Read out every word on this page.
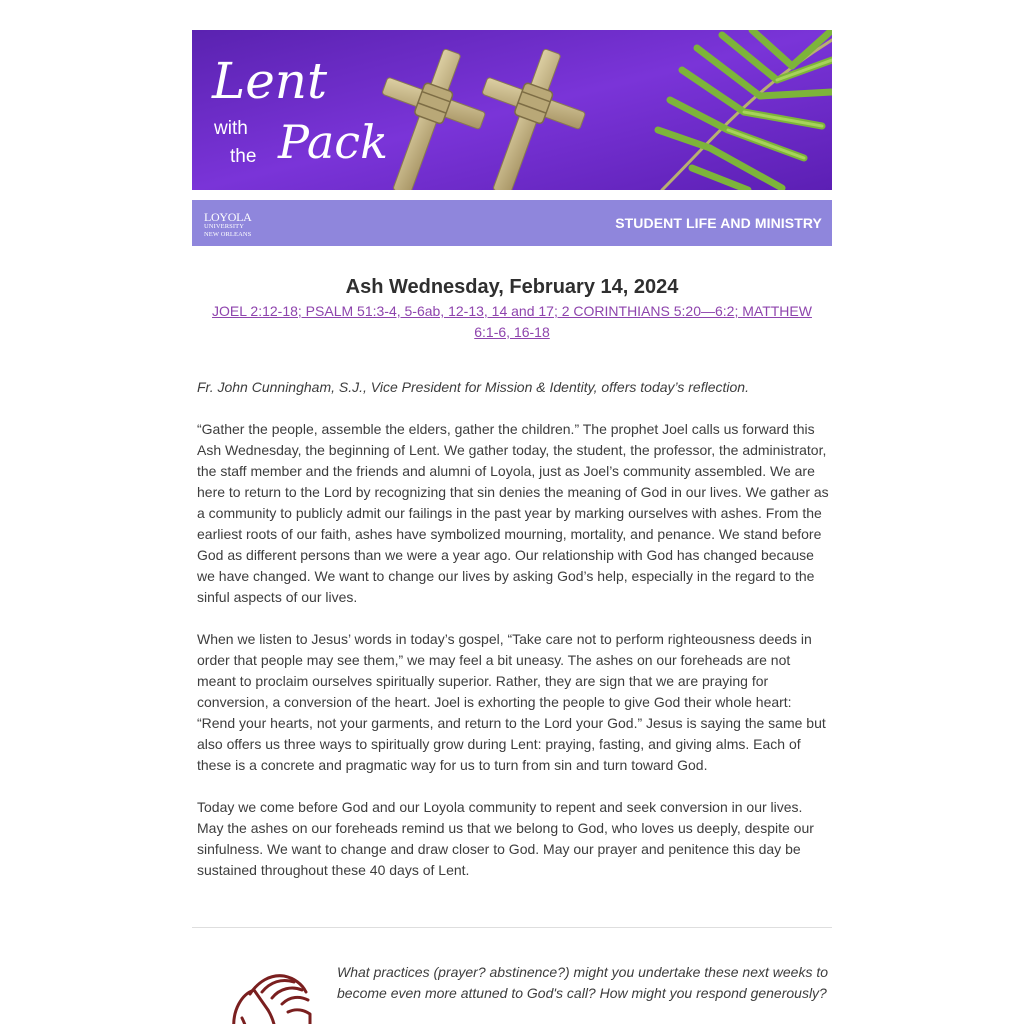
Lent
with
the Pack
LOYOLA
UNIVERSITY
NEW ORLEANS
STUDENT LIFE AND MINISTRY
Ash Wednesday, February 14, 2024
JOEL 2:12-18; PSALM 51:3-4, 5-6ab, 12-13, 14 and 17; 2 CORINTHIANS 5:20—6:2; MATTHEW
6:1-6, 16-18

Fr. John Cunningham, S.J., Vice President for Mission & Identity, offers today’s reflection.

“Gather the people, assemble the elders, gather the children.” The prophet Joel calls us forward this Ash Wednesday, the beginning of Lent. We gather today, the student, the professor, the administrator, the staff member and the friends and alumni of Loyola, just as Joel’s community assembled. We are here to return to the Lord by recognizing that sin denies the meaning of God in our lives. We gather as a community to publicly admit our failings in the past year by marking ourselves with ashes. From the earliest roots of our faith, ashes have symbolized mourning, mortality, and penance. We stand before God as different persons than we were a year ago. Our relationship with God has changed because we have changed. We want to change our lives by asking God’s help, especially in the regard to the sinful aspects of our lives.

When we listen to Jesus’ words in today’s gospel, “Take care not to perform righteousness deeds in order that people may see them,” we may feel a bit uneasy. The ashes on our foreheads are not meant to proclaim ourselves spiritually superior. Rather, they are sign that we are praying for conversion, a conversion of the heart. Joel is exhorting the people to give God their whole heart: “Rend your hearts, not your garments, and return to the Lord your God.” Jesus is saying the same but also offers us three ways to spiritually grow during Lent: praying, fasting, and giving alms. Each of these is a concrete and pragmatic way for us to turn from sin and turn toward God.

Today we come before God and our Loyola community to repent and seek conversion in our lives. May the ashes on our foreheads remind us that we belong to God, who loves us deeply, despite our sinfulness. We want to change and draw closer to God. May our prayer and penitence this day be sustained throughout these 40 days of Lent.

What practices (prayer? abstinence?) might you undertake these next weeks to become even more attuned to God's call? How might you respond generously?
